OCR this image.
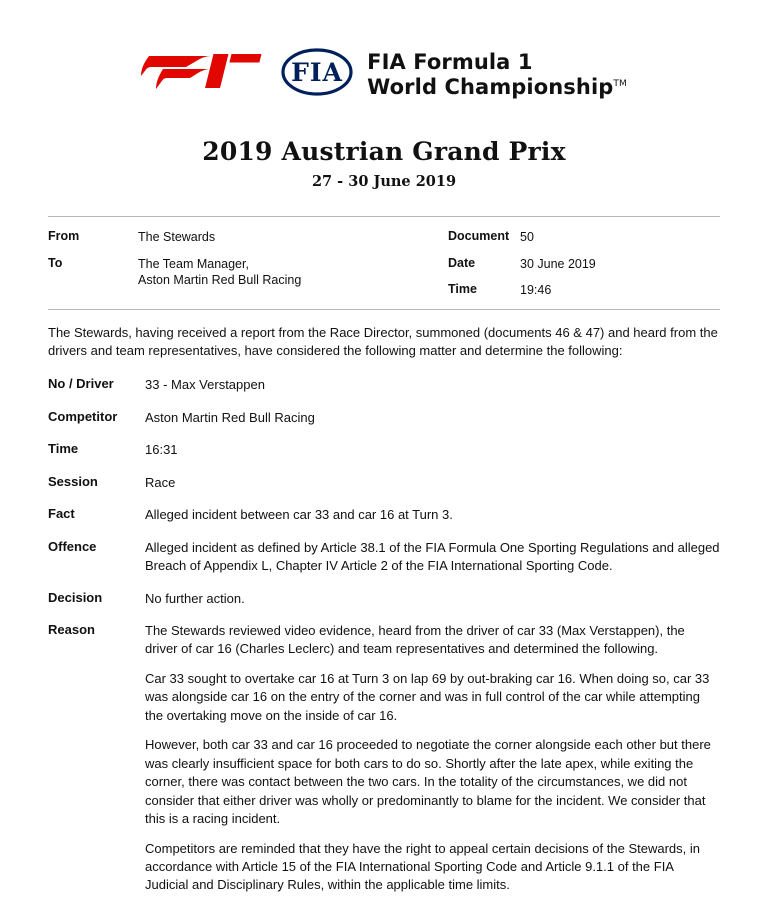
FIA FIA Formula 1
World Championship™
2019 Austrian Grand Prix
27 - 30 June 2019
From	The Stewards
To	The Team Manager,
Aston Martin Red Bull Racing
Document 50
Date	30 June 2019
Time	19:46
The Stewards, having received a report from the Race Director, summoned (documents 46 & 47) and heard from the drivers and team representatives, have considered the following matter and determine the following:
No / Driver	33 - Max Verstappen

Competitor	Aston Martin Red Bull Racing

Time	16:31

Session	Race

Fact	Alleged incident between car 33 and car 16 at Turn 3.

Offence	Alleged incident as defined by Article 38.1 of the FIA Formula One Sporting Regulations and alleged Breach of Appendix L, Chapter IV Article 2 of the FIA International Sporting Code.

Decision	No further action.

Reason	The Stewards reviewed video evidence, heard from the driver of car 33 (Max Verstappen), the driver of car 16 (Charles Leclerc) and team representatives and determined the following.

Car 33 sought to overtake car 16 at Turn 3 on lap 69 by out-braking car 16. When doing so, car 33 was alongside car 16 on the entry of the corner and was in full control of the car while attempting the overtaking move on the inside of car 16.

However, both car 33 and car 16 proceeded to negotiate the corner alongside each other but there was clearly insufficient space for both cars to do so. Shortly after the late apex, while exiting the corner, there was contact between the two cars. In the totality of the circumstances, we did not consider that either driver was wholly or predominantly to blame for the incident. We consider that this is a racing incident.

Competitors are reminded that they have the right to appeal certain decisions of the Stewards, in accordance with Article 15 of the FIA International Sporting Code and Article 9.1.1 of the FIA Judicial and Disciplinary Rules, within the applicable time limits.
